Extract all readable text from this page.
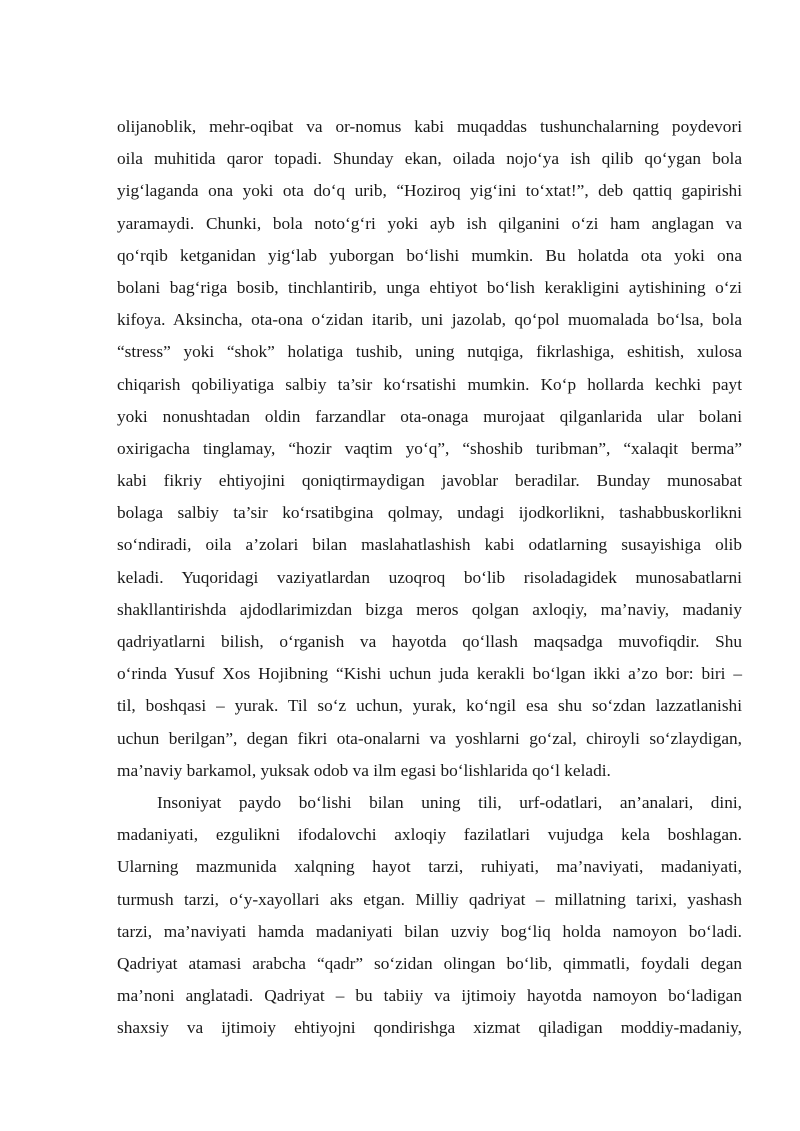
olijanoblik, mehr-oqibat va or-nomus kabi muqaddas tushunchalarning poydevori
oila muhitida qaror topadi. Shunday ekan, oilada nojo‘ya ish qilib qo‘ygan bola
yig‘laganda ona yoki ota do‘q urib, “Hoziroq yig‘ini to‘xtat!”, deb qattiq gapirishi
yaramaydi. Chunki, bola noto‘g‘ri yoki ayb ish qilganini o‘zi ham anglagan va
qo‘rqib ketganidan yig‘lab yuborgan bo‘lishi mumkin. Bu holatda ota yoki ona
bolani bag‘riga bosib, tinchlantirib, unga ehtiyot bo‘lish kerakligini aytishining o‘zi
kifoya. Aksincha, ota-ona o‘zidan itarib, uni jazolab, qo‘pol muomalada bo‘lsa, bola
“stress” yoki “shok” holatiga tushib, uning nutqiga, fikrlashiga, eshitish, xulosa
chiqarish qobiliyatiga salbiy ta’sir ko‘rsatishi mumkin. Ko‘p hollarda kechki payt
yoki nonushtadan oldin farzandlar ota-onaga murojaat qilganlarida ular bolani
oxirigacha tinglamay, “hozir vaqtim yo‘q”, “shoshib turibman”, “xalaqit berma”
kabi fikriy ehtiyojini qoniqtirmaydigan javoblar beradilar. Bunday munosabat
bolaga salbiy ta’sir ko‘rsatibgina qolmay, undagi ijodkorlikni, tashabbuskorlikni
so‘ndiradi, oila a’zolari bilan maslahatlashish kabi odatlarning susayishiga olib
keladi. Yuqoridagi vaziyatlardan uzoqroq bo‘lib risoladagidek munosabatlarni
shakllantirishda ajdodlarimizdan bizga meros qolgan axloqiy, ma’naviy, madaniy
qadriyatlarni bilish, o‘rganish va hayotda qo‘llash maqsadga muvofiqdir. Shu
o‘rinda Yusuf Xos Hojibning “Kishi uchun juda kerakli bo‘lgan ikki a’zo bor: biri –
til, boshqasi – yurak. Til so‘z uchun, yurak, ko‘ngil esa shu so‘zdan lazzatlanishi
uchun berilgan”, degan fikri ota-onalarni va yoshlarni go‘zal, chiroyli so‘zlaydigan,
ma’naviy barkamol, yuksak odob va ilm egasi bo‘lishlarida qo‘l keladi.
Insoniyat paydo bo‘lishi bilan uning tili, urf-odatlari, an’analari, dini,
madaniyati, ezgulikni ifodalovchi axloqiy fazilatlari vujudga kela boshlagan.
Ularning mazmunida xalqning hayot tarzi, ruhiyati, ma’naviyati, madaniyati,
turmush tarzi, o‘y-xayollari aks etgan. Milliy qadriyat – millatning tarixi, yashash
tarzi, ma’naviyati hamda madaniyati bilan uzviy bog‘liq holda namoyon bo‘ladi.
Qadriyat atamasi arabcha “qadr” so‘zidan olingan bo‘lib, qimmatli, foydali degan
ma’noni anglatadi. Qadriyat – bu tabiiy va ijtimoiy hayotda namoyon bo‘ladigan
shaxsiy va ijtimoiy ehtiyojni qondirishga xizmat qiladigan moddiy-madaniy,
